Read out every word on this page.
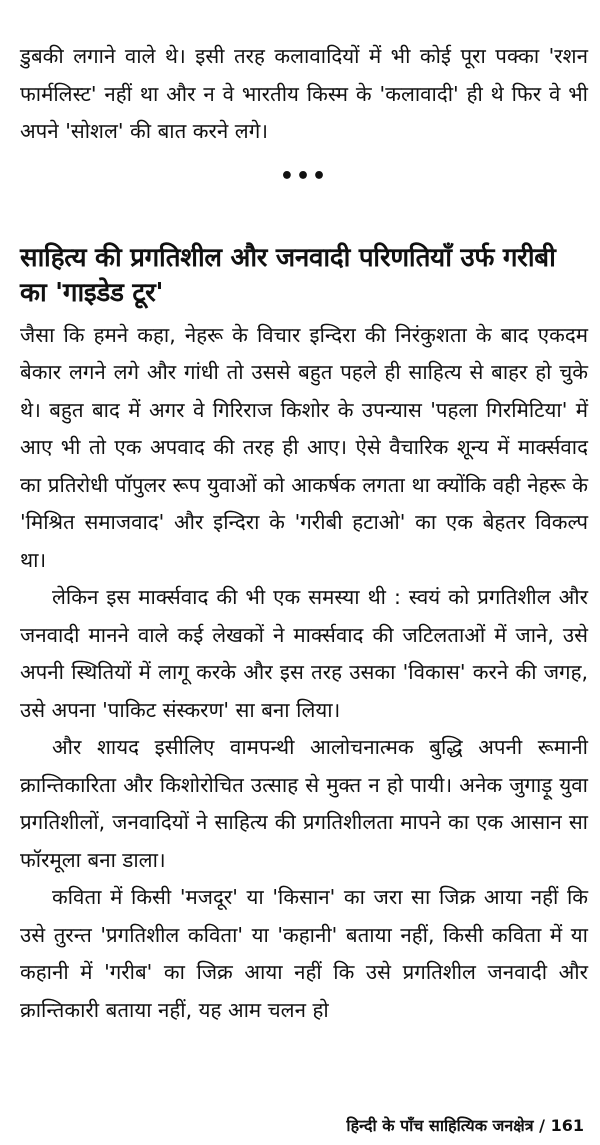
डुबकी लगाने वाले थे। इसी तरह कलावादियों में भी कोई पूरा पक्का 'रशन फार्मलिस्ट' नहीं था और न वे भारतीय किस्म के 'कलावादी' ही थे फिर वे भी अपने 'सोशल' की बात करने लगे।

•••
साहित्य की प्रगतिशील और जनवादी परिणतियाँ उर्फ गरीबी का 'गाइडेड टूर'

जैसा कि हमने कहा, नेहरू के विचार इन्दिरा की निरंकुशता के बाद एकदम बेकार लगने लगे और गांधी तो उससे बहुत पहले ही साहित्य से बाहर हो चुके थे। बहुत बाद में अगर वे गिरिराज किशोर के उपन्यास 'पहला गिरमिटिया' में आए भी तो एक अपवाद की तरह ही आए। ऐसे वैचारिक शून्य में मार्क्सवाद का प्रतिरोधी पॉपुलर रूप युवाओं को आकर्षक लगता था क्योंकि वही नेहरू के 'मिश्रित समाजवाद' और इन्दिरा के 'गरीबी हटाओ' का एक बेहतर विकल्प था।

लेकिन इस मार्क्सवाद की भी एक समस्या थी : स्वयं को प्रगतिशील और जनवादी मानने वाले कई लेखकों ने मार्क्सवाद की जटिलताओं में जाने, उसे अपनी स्थितियों में लागू करके और इस तरह उसका 'विकास' करने की जगह, उसे अपना 'पाकिट संस्करण' सा बना लिया।

और शायद इसीलिए वामपन्थी आलोचनात्मक बुद्धि अपनी रूमानी क्रान्तिकारिता और किशोरोचित उत्साह से मुक्त न हो पायी। अनेक जुगाड़ू युवा प्रगतिशीलों, जनवादियों ने साहित्य की प्रगतिशीलता मापने का एक आसान सा फॉरमूला बना डाला।

कविता में किसी 'मजदूर' या 'किसान' का जरा सा जिक्र आया नहीं कि उसे तुरन्त 'प्रगतिशील कविता' या 'कहानी' बताया नहीं, किसी कविता में या कहानी में 'गरीब' का जिक्र आया नहीं कि उसे प्रगतिशील जनवादी और क्रान्तिकारी बताया नहीं, यह आम चलन हो

हिन्दी के पाँच साहित्यिक जनक्षेत्र / 161
